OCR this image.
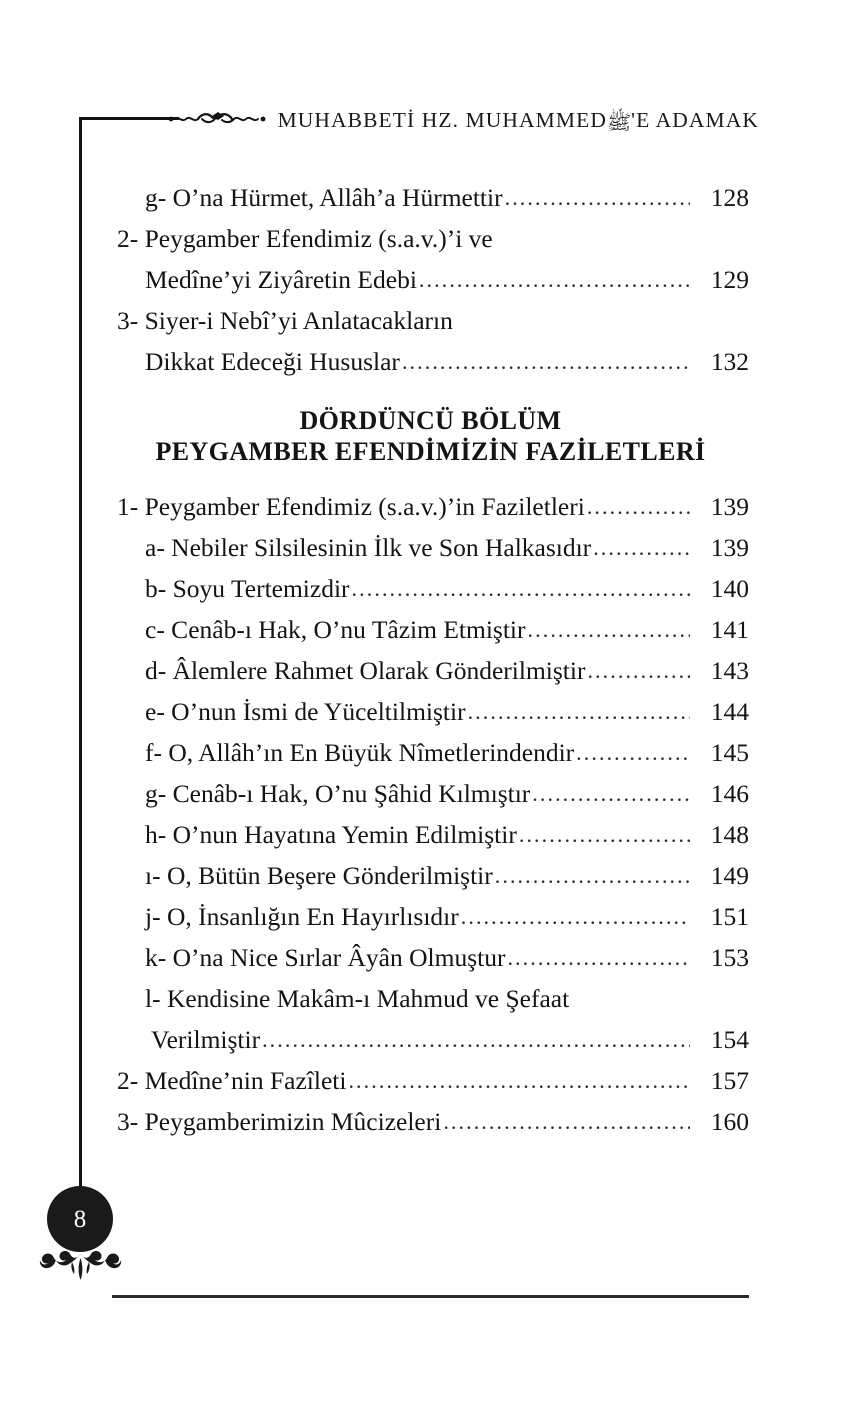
MUHABBETİ HZ. MUHAMMEDﷺ'E ADAMAK
g- O’na Hürmet, Allâh’a Hürmettir .....	128
2- Peygamber Efendimiz (s.a.v.)’i ve
Medîne’yi Ziyâretin Edebi .....	129
3- Siyer-i Nebî’yi Anlatacakların
Dikkat Edeceği Hususlar .....	132
DÖRDÜNCÜ BÖLÜM
PEYGAMBER EFENDİMİZİN FAZİLETLERİ
1- Peygamber Efendimiz (s.a.v.)’in Faziletleri .....	139
a- Nebiler Silsilesinin İlk ve Son Halkasıdır .....	139
b- Soyu Tertemizdir .....	140
c- Cenâb-ı Hak, O’nu Tâzim Etmiştir .....	141
d- Âlemlere Rahmet Olarak Gönderilmiştir .....	143
e- O’nun İsmi de Yüceltilmiştir .....	144
f- O, Allâh’ın En Büyük Nîmetlerindendir .....	145
g- Cenâb-ı Hak, O’nu Şâhid Kılmıştır .....	146
h- O’nun Hayatına Yemin Edilmiştir .....	148
ı- O, Bütün Beşere Gönderilmiştir .....	149
j- O, İnsanlığın En Hayırlısıdır .....	151
k- O’na Nice Sırlar Âyân Olmuştur .....	153
l- Kendisine Makâm-ı Mahmud ve Şefaat
Verilmiştir .....	154
2- Medîne’nin Fazîleti .....	157
3- Peygamberimizin Mûcizeleri .....	160
8
